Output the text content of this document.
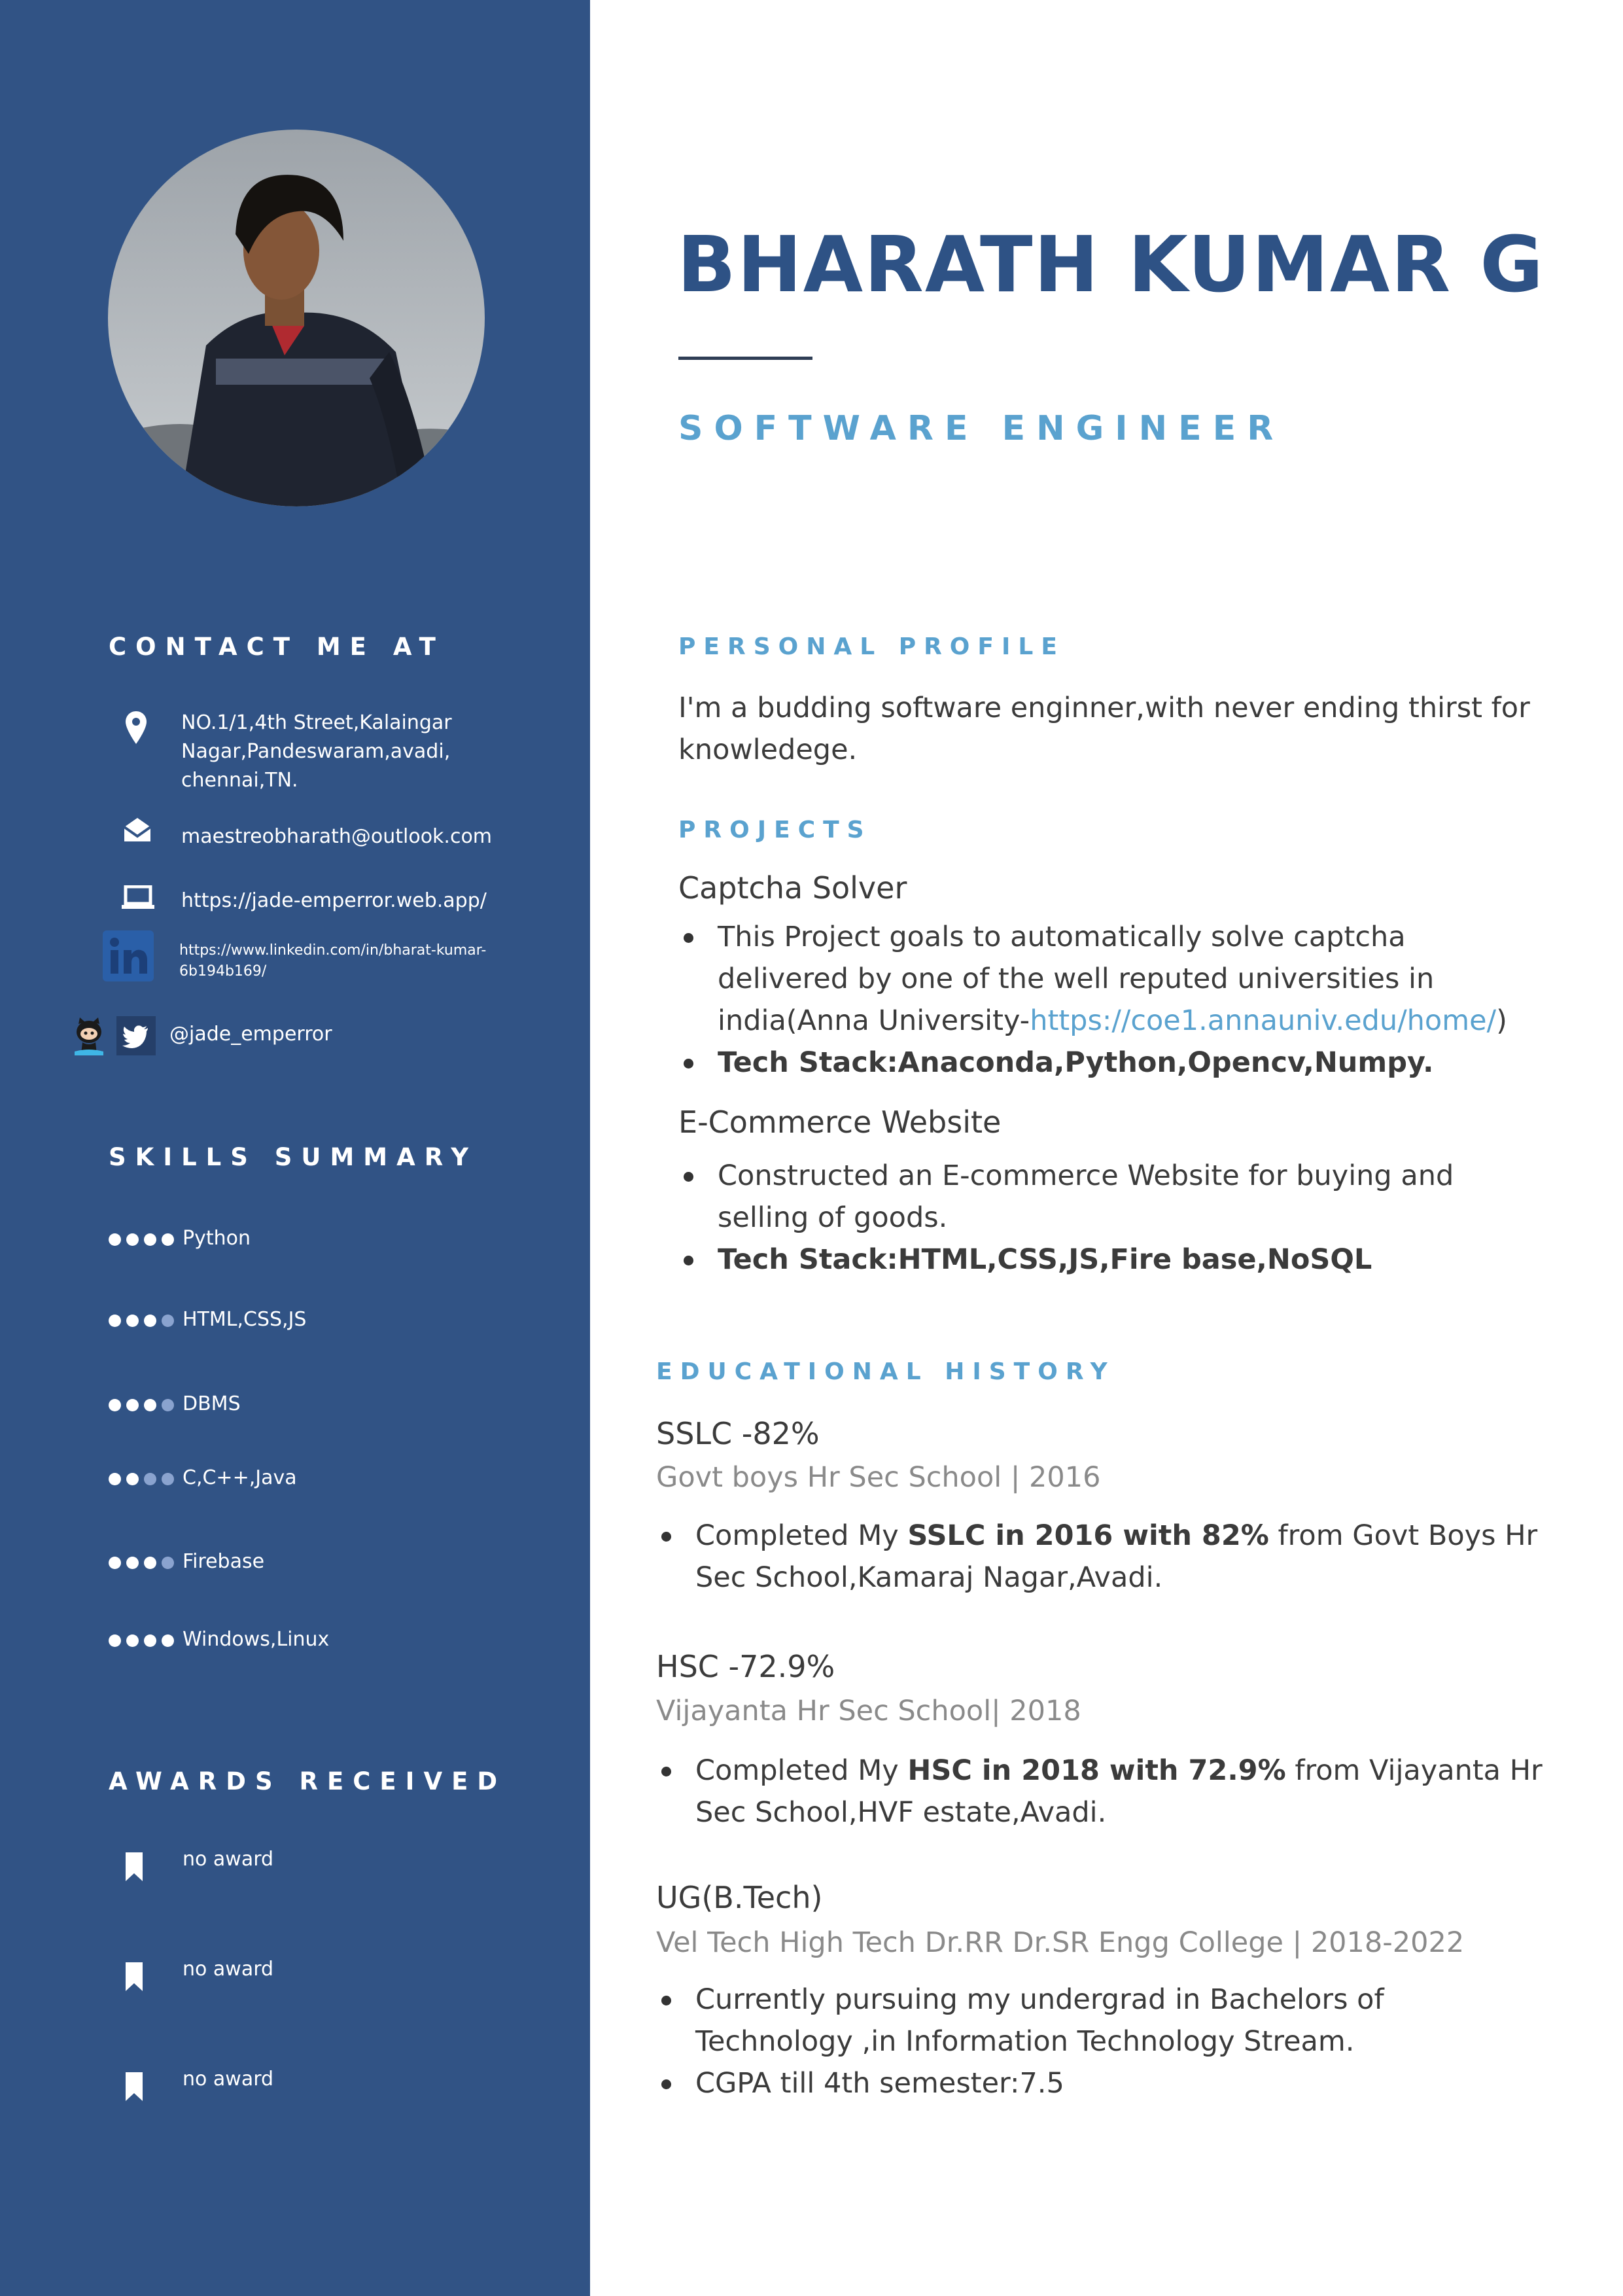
CONTACT ME AT
NO.1/1,4th Street,Kalaingar
Nagar,Pandeswaram,avadi,
chennai,TN.
maestreobharath@outlook.com
https://jade-emperror.web.app/
https://www.linkedin.com/in/bharat-kumar-
6b194b169/
@jade_emperror
SKILLS SUMMARY
Python
HTML,CSS,JS
DBMS
C,C++,Java
Firebase
Windows,Linux
AWARDS RECEIVED
no award
no award
no award
BHARATH KUMAR G
SOFTWARE ENGINEER
PERSONAL PROFILE
I'm a budding software enginner,with never ending thirst for
knowledege.
PROJECTS
Captcha Solver
This Project goals to automatically solve captcha
delivered by one of the well reputed universities in
india(Anna University-https://coe1.annauniv.edu/home/)
Tech Stack:Anaconda,Python,Opencv,Numpy.
E-Commerce Website
Constructed an E-commerce Website for buying and
selling of goods.
Tech Stack:HTML,CSS,JS,Fire base,NoSQL
EDUCATIONAL HISTORY
SSLC -82%
Govt boys Hr Sec School | 2016
Completed My SSLC in 2016 with 82% from Govt Boys Hr
Sec School,Kamaraj Nagar,Avadi.
HSC -72.9%
Vijayanta Hr Sec School| 2018
Completed My HSC in 2018 with 72.9% from Vijayanta Hr
Sec School,HVF estate,Avadi.
UG(B.Tech)
Vel Tech High Tech Dr.RR Dr.SR Engg College | 2018-2022
Currently pursuing my undergrad in Bachelors of
Technology ,in Information Technology Stream.
CGPA till 4th semester:7.5
